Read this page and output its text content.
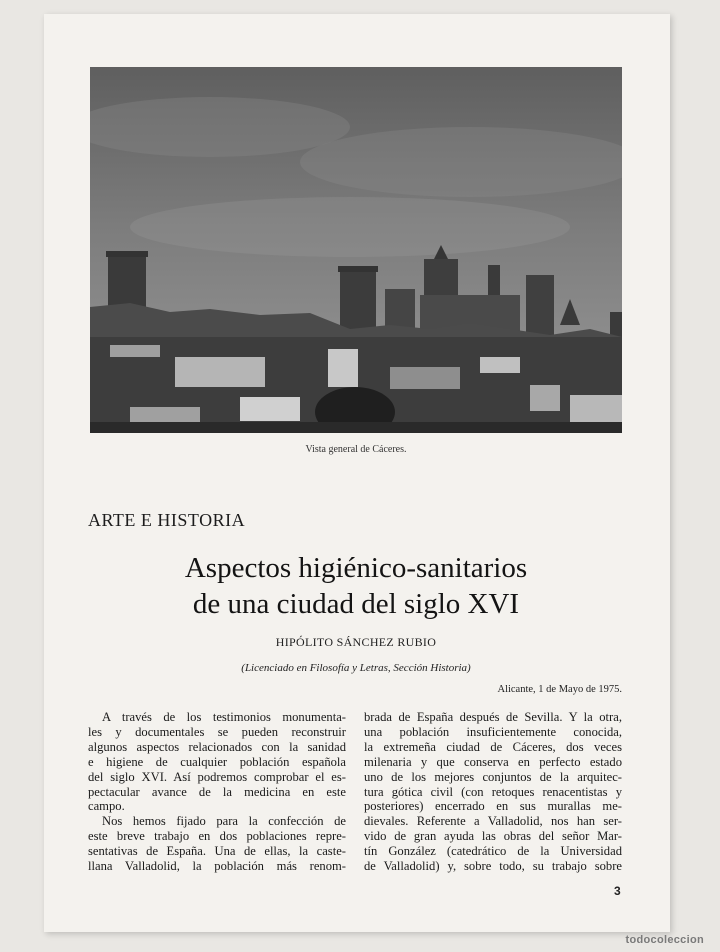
Vista general de Cáceres.
ARTE E HISTORIA
Aspectos higiénico-sanitarios
de una ciudad del siglo XVI
HIPÓLITO SÁNCHEZ RUBIO
(Licenciado en Filosofía y Letras, Sección Historia)
Alicante, 1 de Mayo de 1975.
A través de los testimonios monumenta-
les y documentales se pueden reconstruir
algunos aspectos relacionados con la sanidad
e higiene de cualquier población española
del siglo XVI. Así podremos comprobar el es-
pectacular avance de la medicina en este
campo.
Nos hemos fijado para la confección de
este breve trabajo en dos poblaciones repre-
sentativas de España. Una de ellas, la caste-
llana Valladolid, la población más renom-
brada de España después de Sevilla. Y la otra,
una población insuficientemente conocida,
la extremeña ciudad de Cáceres, dos veces
milenaria y que conserva en perfecto estado
uno de los mejores conjuntos de la arquitec-
tura gótica civil (con retoques renacentistas y
posteriores) encerrado en sus murallas me-
dievales. Referente a Valladolid, nos han ser-
vido de gran ayuda las obras del señor Mar-
tín González (catedrático de la Universidad
de Valladolid) y, sobre todo, su trabajo sobre
3
todocoleccion
